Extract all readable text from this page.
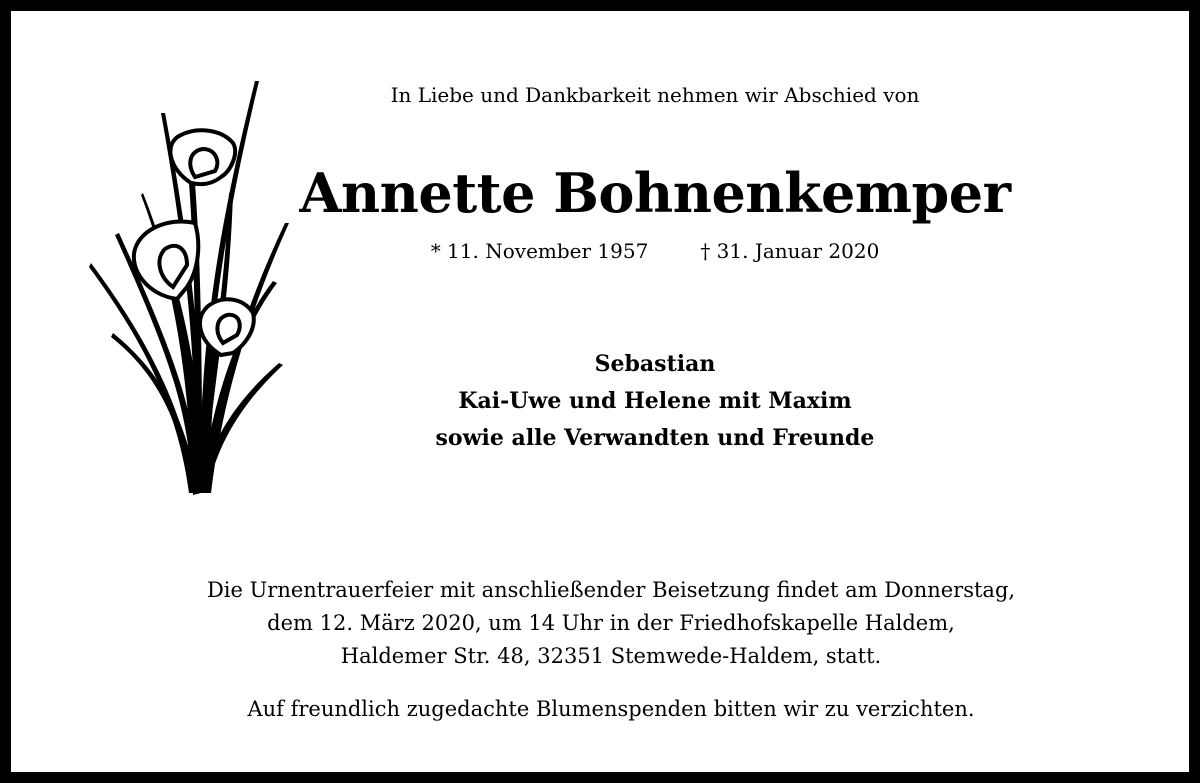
In Liebe und Dankbarkeit nehmen wir Abschied von
Annette Bohnenkemper
* 11. November 1957	† 31. Januar 2020
Sebastian
Kai-Uwe und Helene mit Maxim
sowie alle Verwandten und Freunde
Die Urnentrauerfeier mit anschließender Beisetzung findet am Donnerstag,
dem 12. März 2020, um 14 Uhr in der Friedhofskapelle Haldem,
Haldemer Str. 48, 32351 Stemwede-Haldem, statt.
Auf freundlich zugedachte Blumenspenden bitten wir zu verzichten.
